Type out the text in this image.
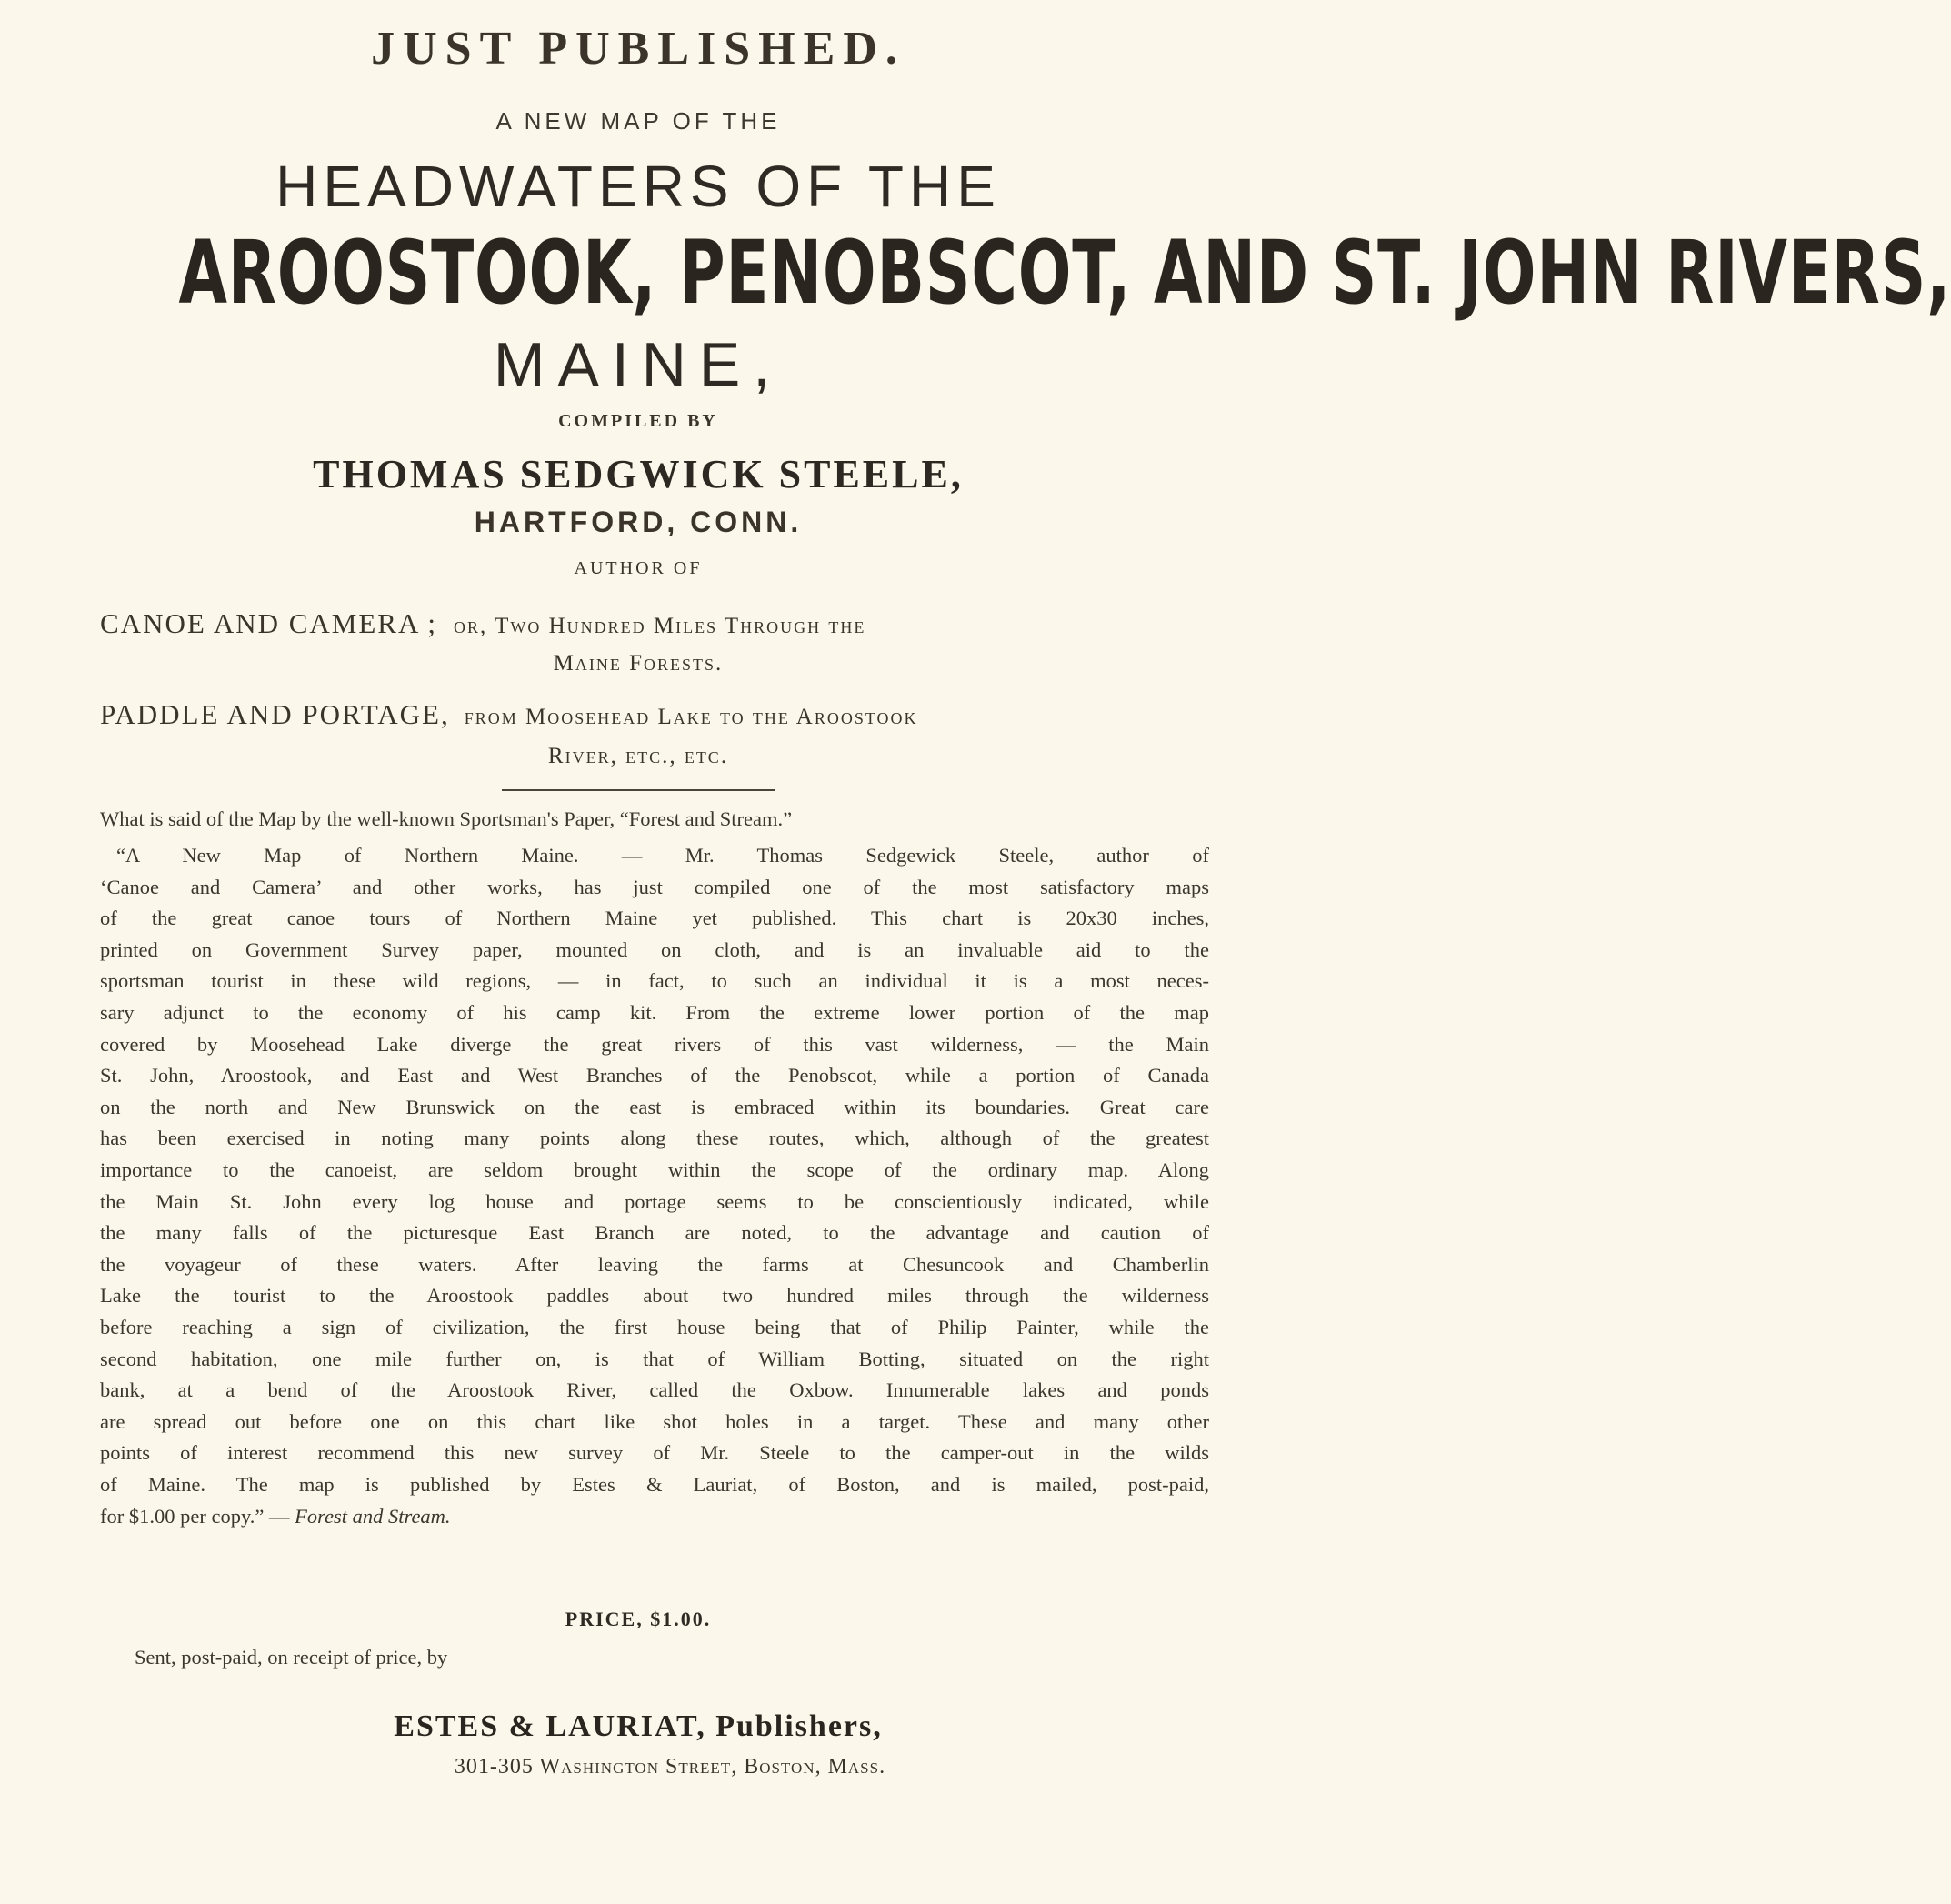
JUST PUBLISHED.
A NEW MAP OF THE
HEADWATERS OF THE
AROOSTOOK, PENOBSCOT, AND ST. JOHN RIVERS,
MAINE,
COMPILED BY
THOMAS SEDGWICK STEELE,
HARTFORD, CONN.
AUTHOR OF
CANOE AND CAMERA ; or, Two Hundred Miles Through the
Maine Forests.
PADDLE AND PORTAGE, from Moosehead Lake to the Aroostook
River, etc., etc.
What is said of the Map by the well-known Sportsman's Paper, “Forest and Stream.”
“A New Map of Northern Maine. — Mr. Thomas Sedgewick Steele, author of
‘Canoe and Camera’ and other works, has just compiled one of the most satisfactory maps
of the great canoe tours of Northern Maine yet published. This chart is 20x30 inches,
printed on Government Survey paper, mounted on cloth, and is an invaluable aid to the
sportsman tourist in these wild regions, — in fact, to such an individual it is a most neces-
sary adjunct to the economy of his camp kit. From the extreme lower portion of the map
covered by Moosehead Lake diverge the great rivers of this vast wilderness, — the Main
St. John, Aroostook, and East and West Branches of the Penobscot, while a portion of Canada
on the north and New Brunswick on the east is embraced within its boundaries. Great care
has been exercised in noting many points along these routes, which, although of the greatest
importance to the canoeist, are seldom brought within the scope of the ordinary map. Along
the Main St. John every log house and portage seems to be conscientiously indicated, while
the many falls of the picturesque East Branch are noted, to the advantage and caution of
the voyageur of these waters. After leaving the farms at Chesuncook and Chamberlin
Lake the tourist to the Aroostook paddles about two hundred miles through the wilderness
before reaching a sign of civilization, the first house being that of Philip Painter, while the
second habitation, one mile further on, is that of William Botting, situated on the right
bank, at a bend of the Aroostook River, called the Oxbow. Innumerable lakes and ponds
are spread out before one on this chart like shot holes in a target. These and many other
points of interest recommend this new survey of Mr. Steele to the camper-out in the wilds
of Maine. The map is published by Estes & Lauriat, of Boston, and is mailed, post-paid,
for $1.00 per copy.” — Forest and Stream.
PRICE, $1.00.
Sent, post-paid, on receipt of price, by
ESTES & LAURIAT, Publishers,
301-305 Washington Street, Boston, Mass.
